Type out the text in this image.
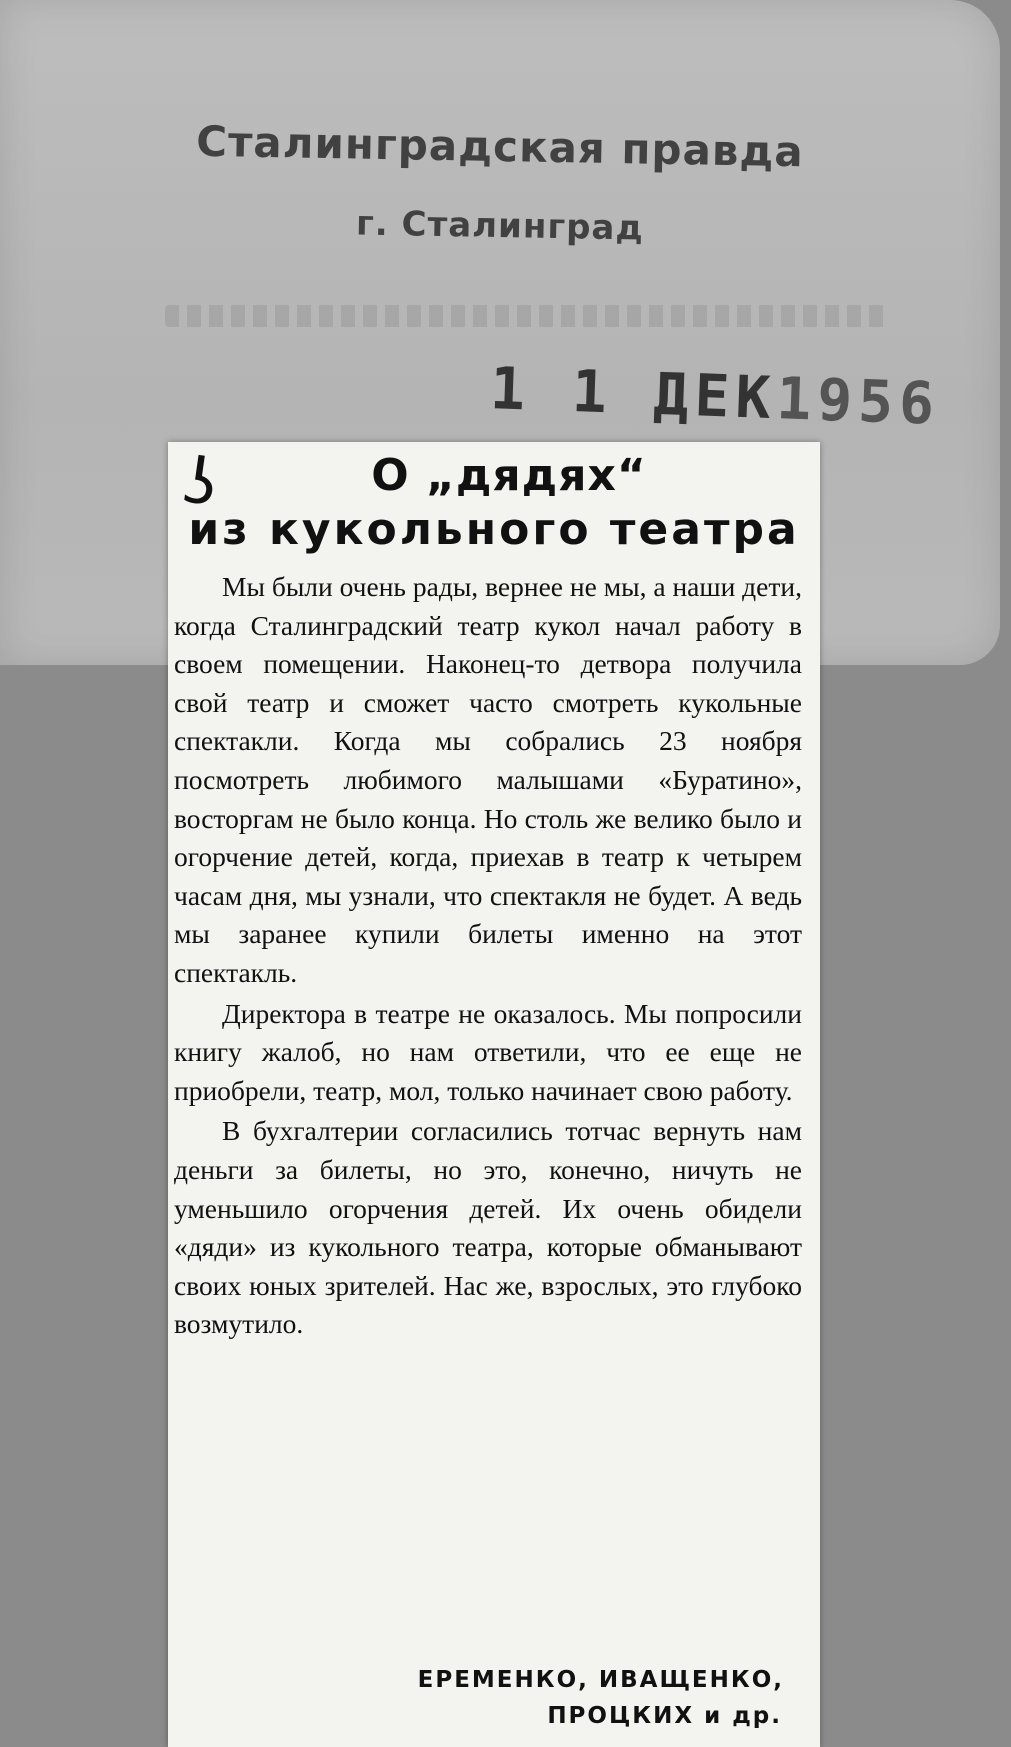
Сталинградская правда
г. Сталинград
1 1 ДЕК1956
ʖ	О „дядях“
из кукольного театра

Мы были очень рады, вернее не мы, а наши дети, когда Сталинградский театр кукол начал работу в своем помещении. Наконец-то детвора получила свой театр и сможет часто смотреть кукольные спектакли. Когда мы собрались 23 ноября посмотреть любимого малышами «Буратино», восторгам не было конца. Но столь же велико было и огорчение детей, когда, приехав в театр к четырем часам дня, мы узнали, что спектакля не будет. А ведь мы заранее купили билеты именно на этот спектакль.

Директора в театре не оказалось. Мы попросили книгу жалоб, но нам ответили, что ее еще не приобрели, театр, мол, только начинает свою работу.

В бухгалтерии согласились тотчас вернуть нам деньги за билеты, но это, конечно, ничуть не уменьшило огорчения детей. Их очень обидели «дяди» из кукольного театра, которые обманывают своих юных зрителей. Нас же, взрослых, это глубоко возмутило.

ЕРЕМЕНКО, ИВАЩЕНКО,
ПРОЦКИХ и др.
